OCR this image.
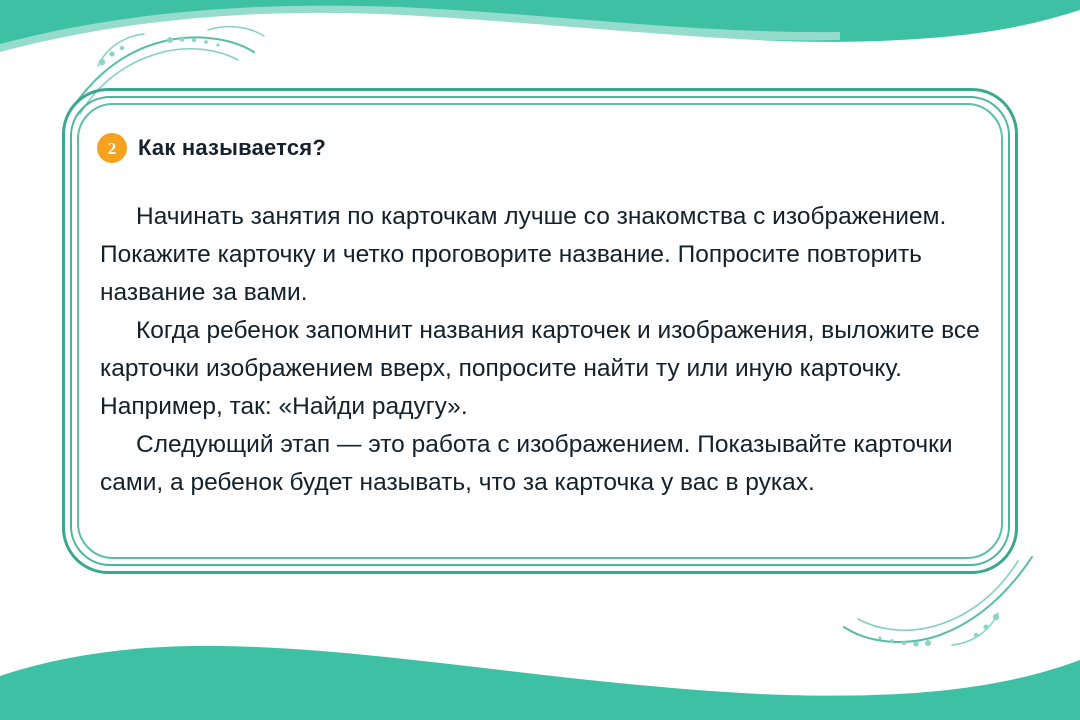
2 Как называется?

Начинать занятия по карточкам лучше со знакомства с изображением. Покажите карточку и четко проговорите название. Попросите повторить название за вами.

Когда ребенок запомнит названия карточек и изображения, выложите все карточки изображением вверх, попросите найти ту или иную карточку. Например, так: «Найди радугу».

Следующий этап — это работа с изображением. Показывайте карточки сами, а ребенок будет называть, что за карточка у вас в руках.
